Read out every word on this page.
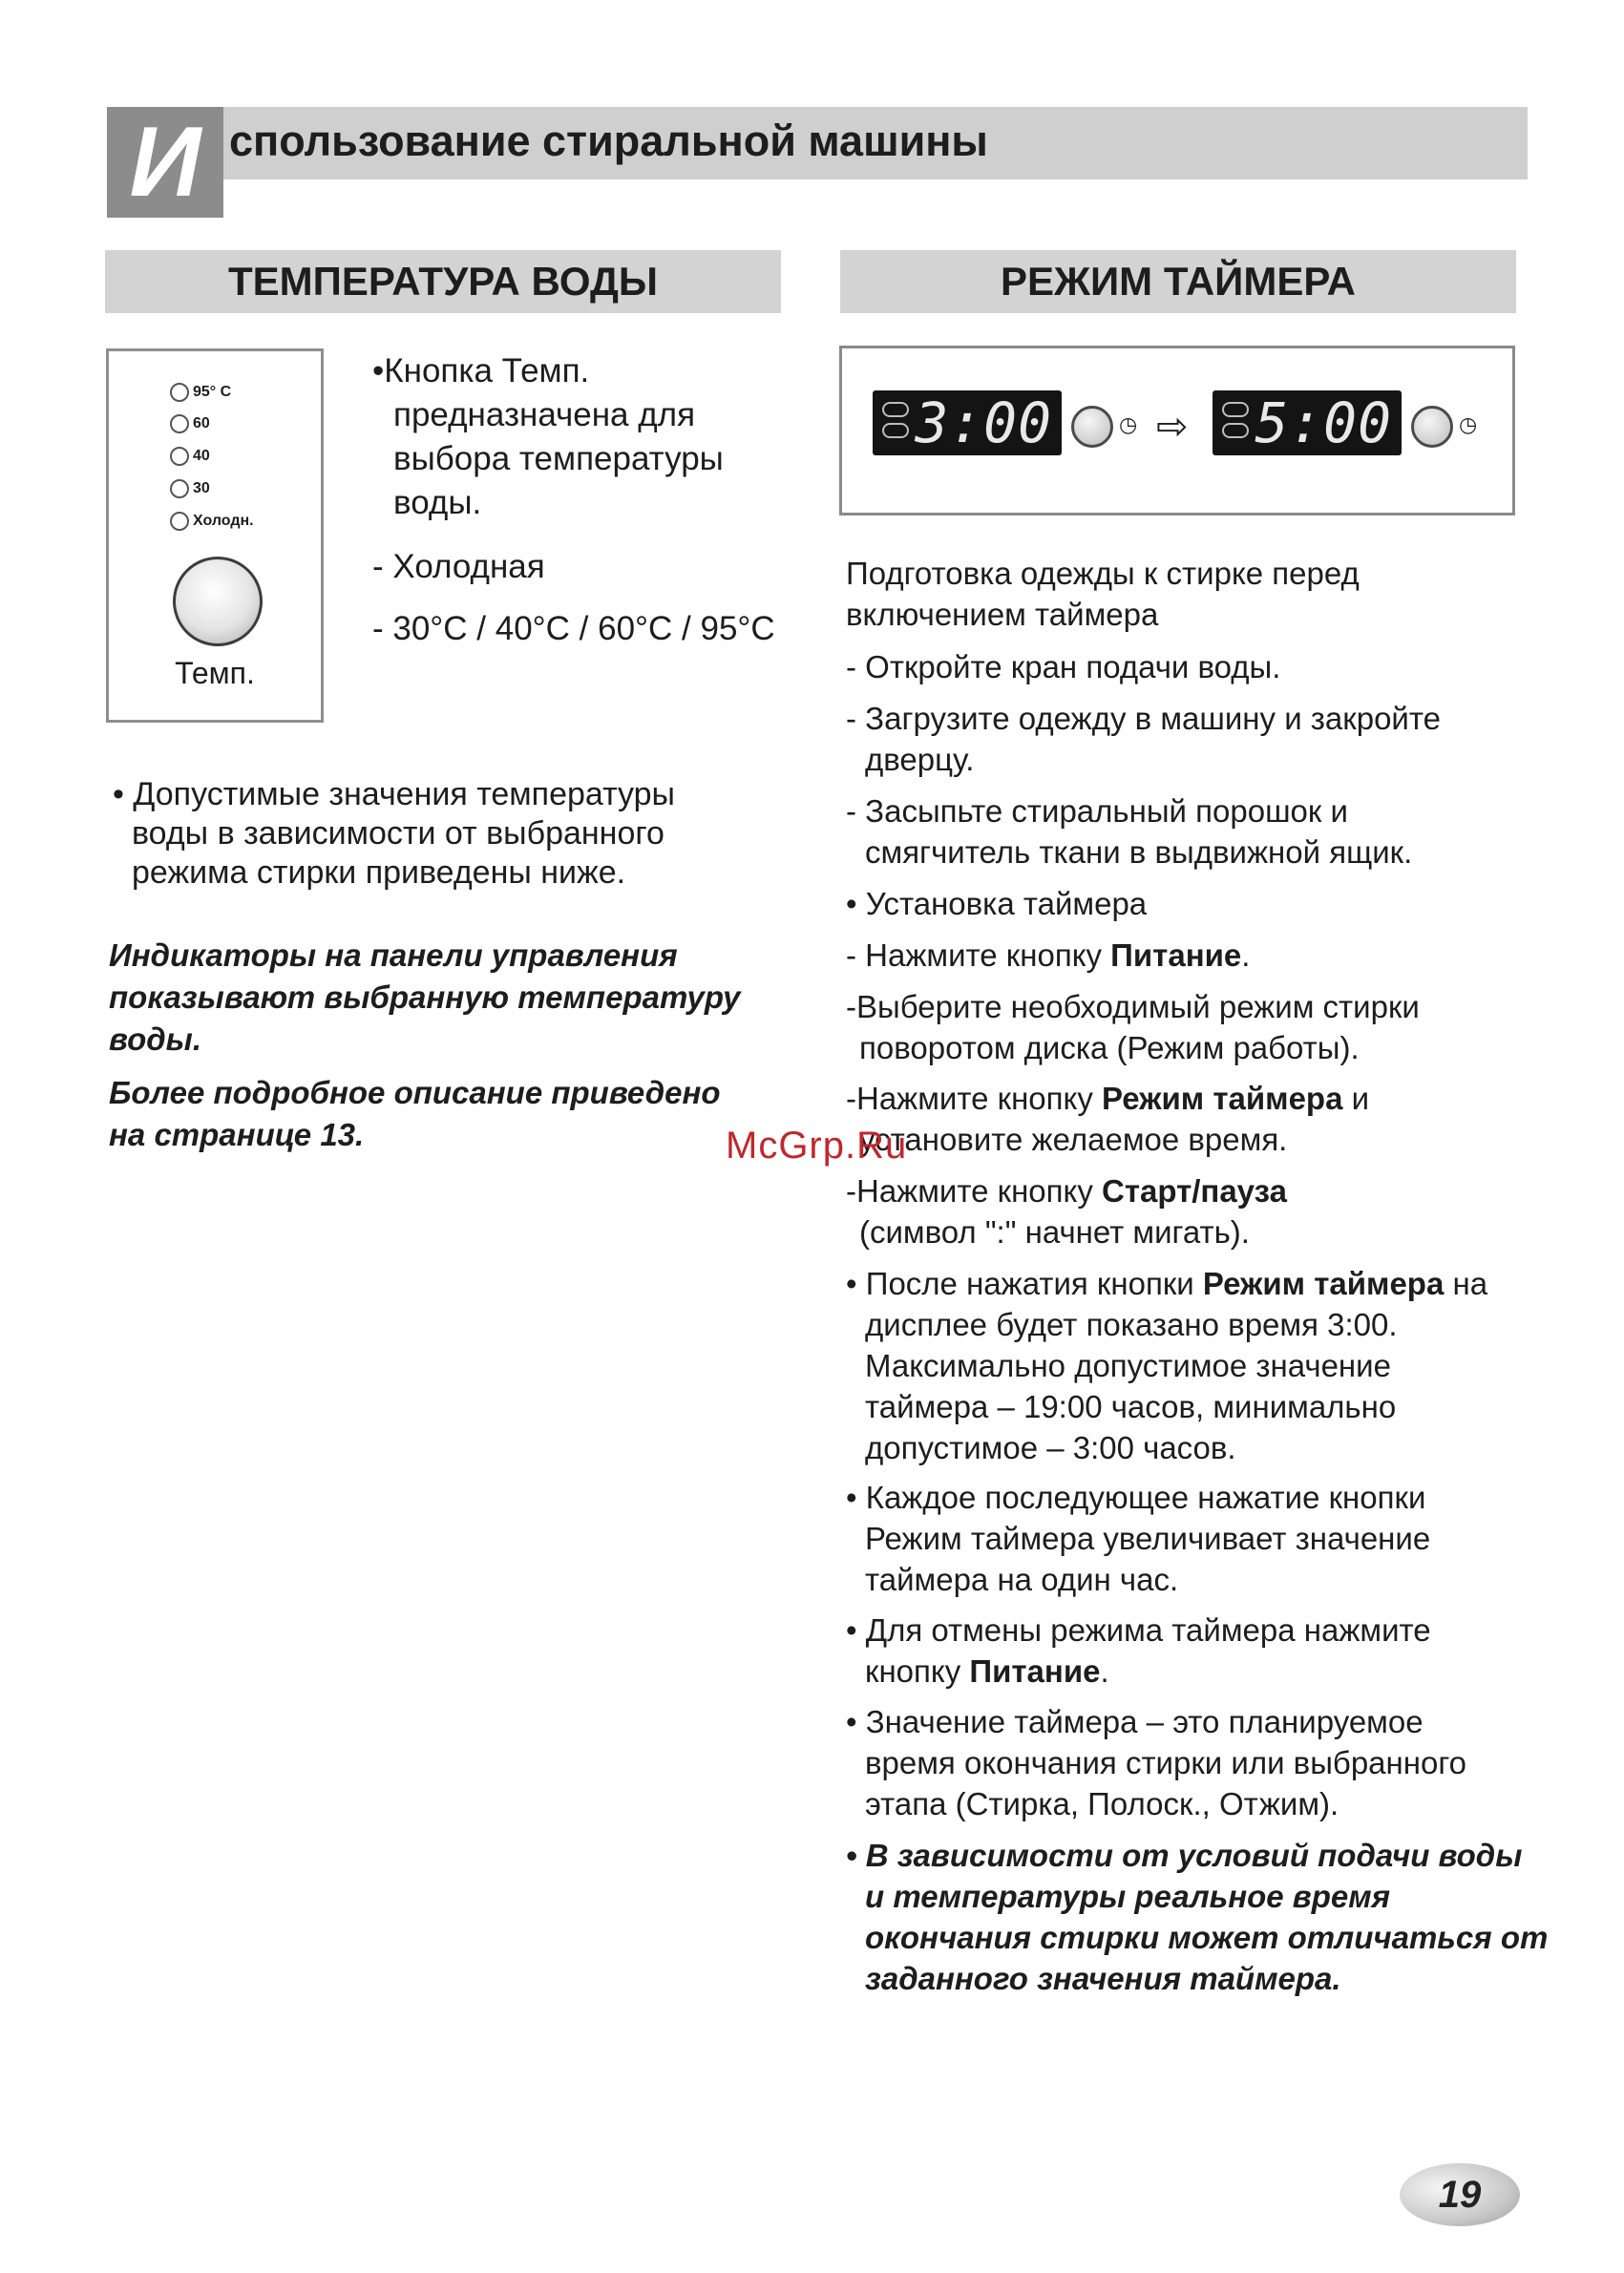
И спользование стиральной машины
ТЕМПЕРАТУРА ВОДЫ	РЕЖИМ ТАЙМЕРА
95° C
60
40
30
Холодн.
Темп.
•Кнопка Темп.
предназначена для
выбора температуры
воды.
- Холодная
- 30°C / 40°C / 60°C / 95°C
• Допустимые значения температуры
воды в зависимости от выбранного
режима стирки приведены ниже.
Индикаторы на панели управления
показывают выбранную температуру
воды.
Более подробное описание приведено
на странице 13.
3:00	◷ ⇨ 5:00	◷
Подготовка одежды к стирке перед
включением таймера
- Откройте кран подачи воды.
- Загрузите одежду в машину и закройте
дверцу.
- Засыпьте стиральный порошок и
смягчитель ткани в выдвижной ящик.
• Установка таймера
- Нажмите кнопку Питание.
-Выберите необходимый режим стирки
поворотом диска (Режим работы).
-Нажмите кнопку Режим таймера и
установите желаемое время.
-Нажмите кнопку Старт/пауза
(символ ":" начнет мигать).
• После нажатия кнопки Режим таймера на
дисплее будет показано время 3:00.
Максимально допустимое значение
таймера – 19:00 часов, минимально
допустимое – 3:00 часов.
• Каждое последующее нажатие кнопки
Режим таймера увеличивает значение
таймера на один час.
• Для отмены режима таймера нажмите
кнопку Питание.
• Значение таймера – это планируемое
время окончания стирки или выбранного
этапа (Стирка, Полоск., Отжим).
• В зависимости от условий подачи воды
и температуры реальное время
окончания стирки может отличаться от
заданного значения таймера.
McGrp.Ru
19
